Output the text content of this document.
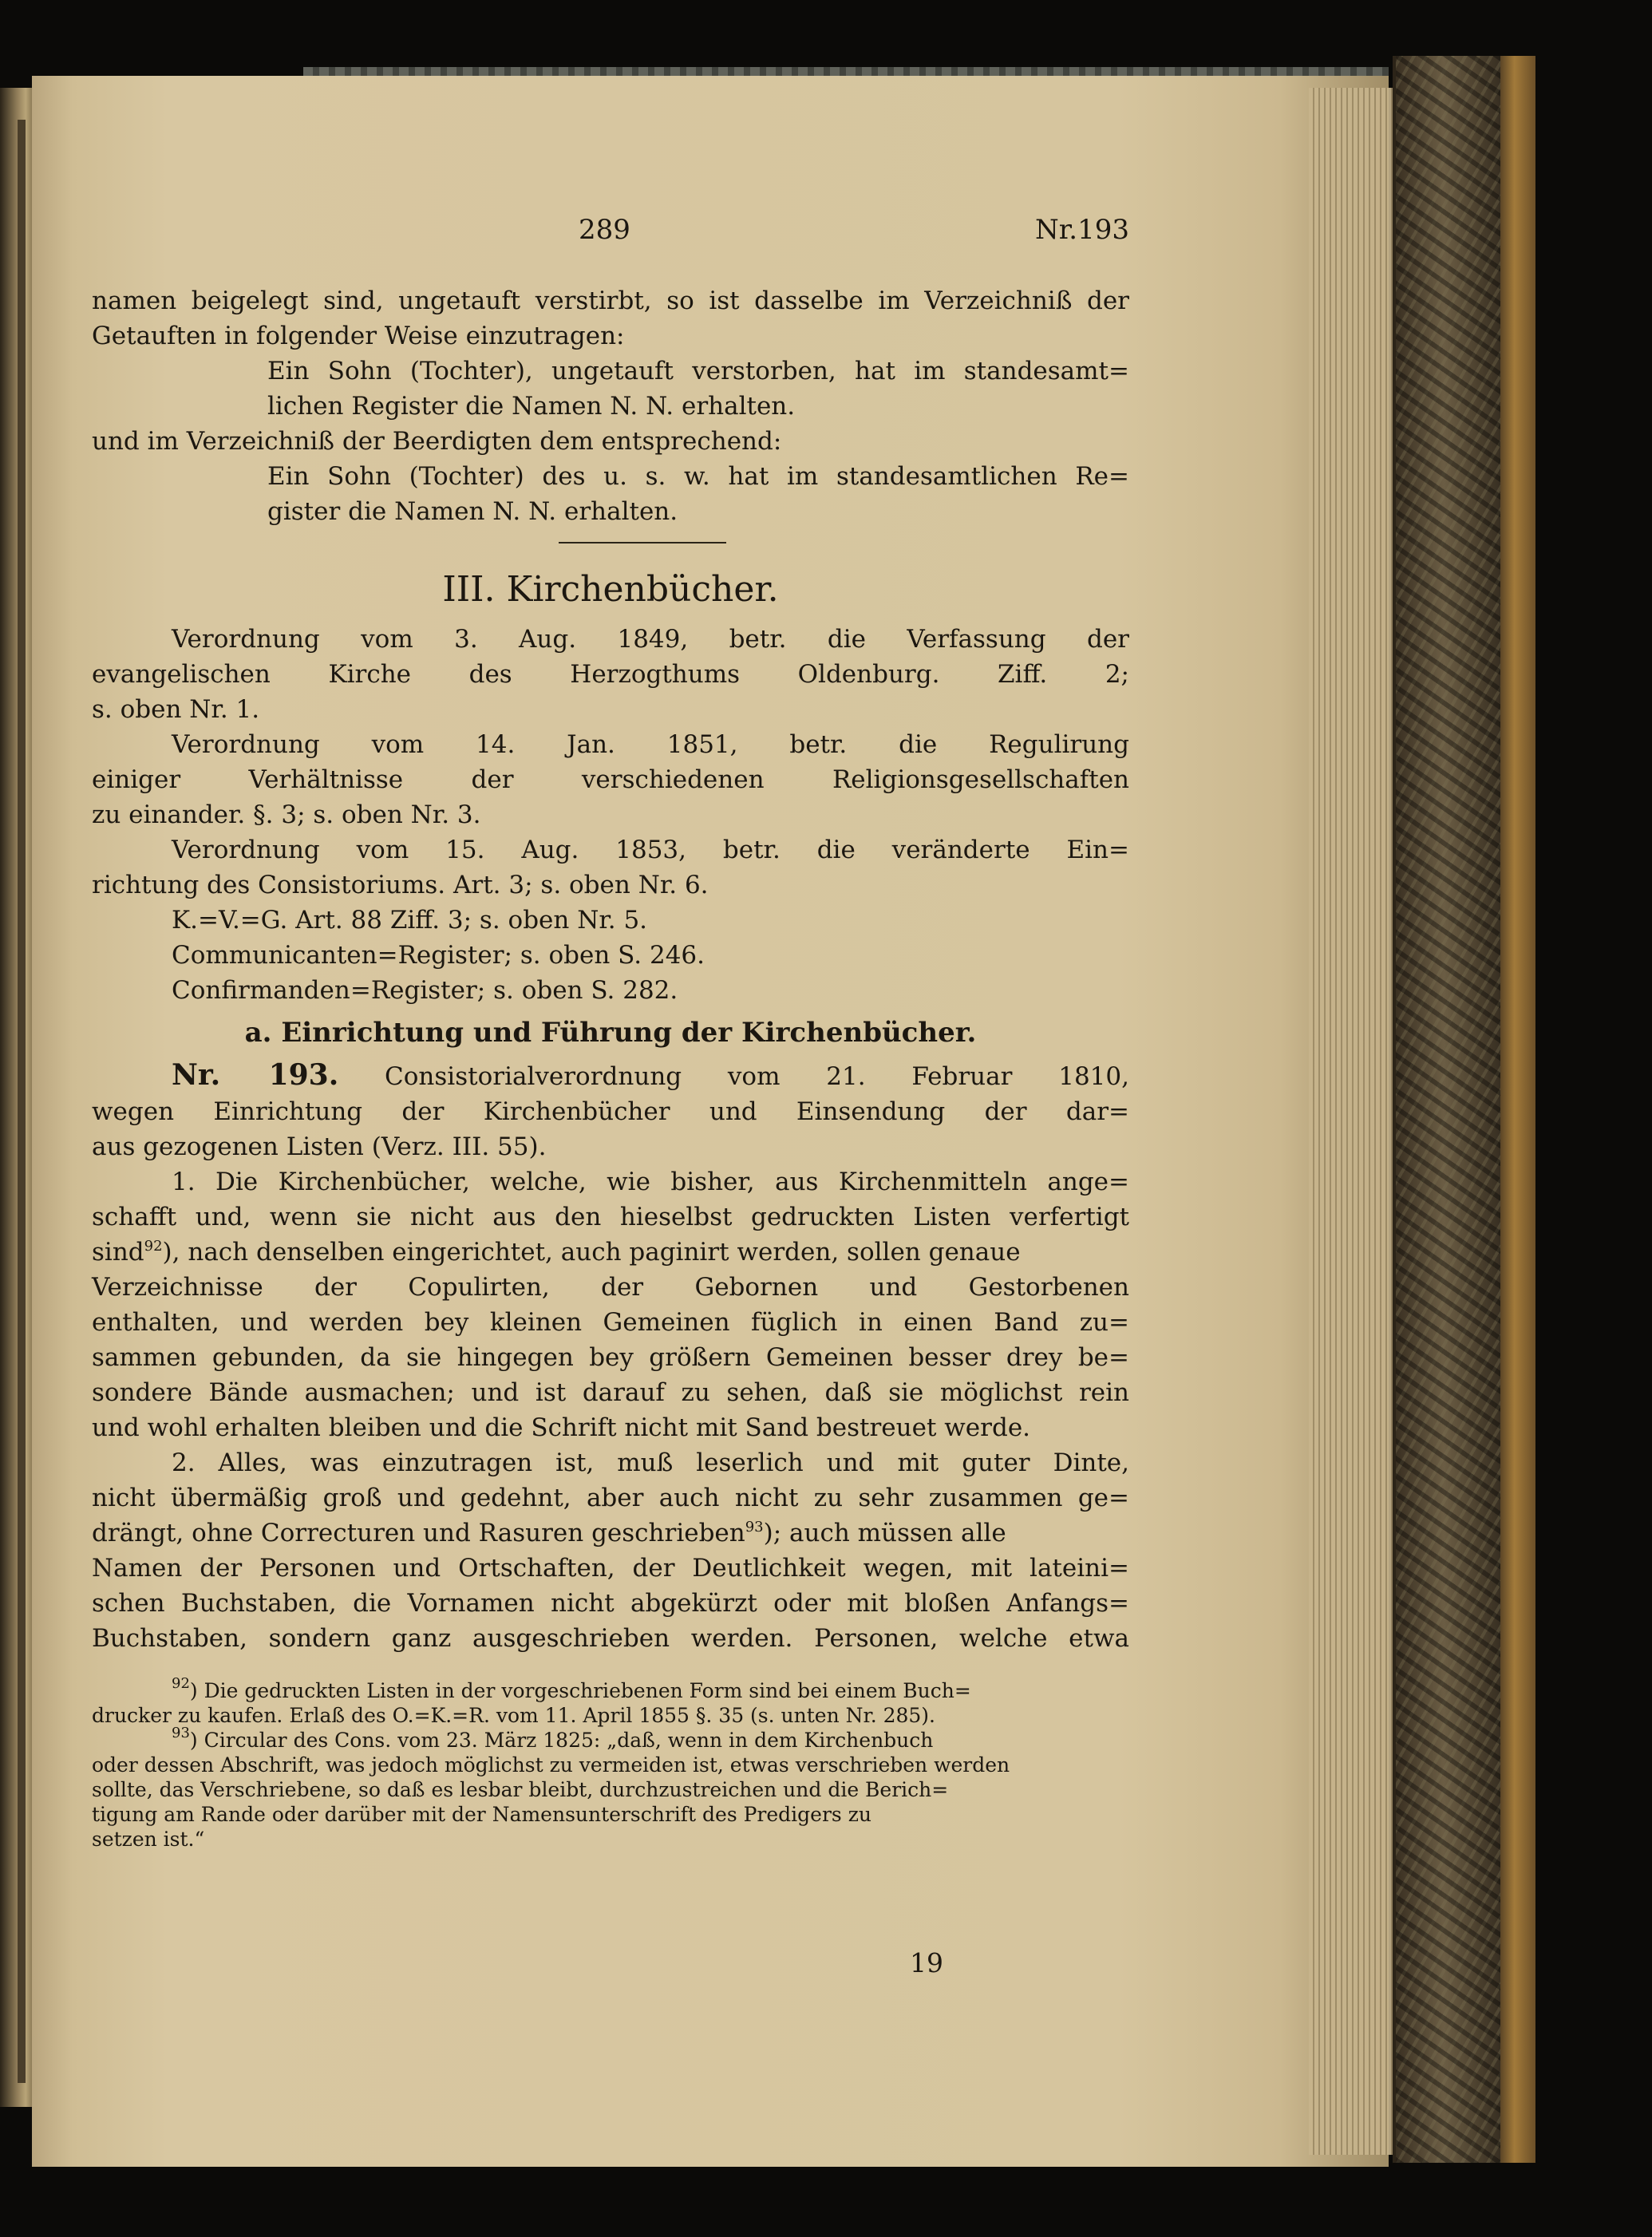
289	Nr.193
namen beigelegt sind, ungetauft verstirbt, so ist dasselbe im Verzeichniß der
Getauften in folgender Weise einzutragen:
Ein Sohn (Tochter), ungetauft verstorben, hat im standesamt=
lichen Register die Namen N. N. erhalten.
und im Verzeichniß der Beerdigten dem entsprechend:
Ein Sohn (Tochter) des u. s. w. hat im standesamtlichen Re=
gister die Namen N. N. erhalten.
III. Kirchenbücher.
Verordnung vom 3. Aug. 1849, betr. die Verfassung der
evangelischen Kirche des Herzogthums Oldenburg. Ziff. 2;
s. oben Nr. 1.
Verordnung vom 14. Jan. 1851, betr. die Regulirung
einiger Verhältnisse der verschiedenen Religionsgesellschaften
zu einander. §. 3; s. oben Nr. 3.
Verordnung vom 15. Aug. 1853, betr. die veränderte Ein=
richtung des Consistoriums. Art. 3; s. oben Nr. 6.
K.=V.=G. Art. 88 Ziff. 3; s. oben Nr. 5.
Communicanten=Register; s. oben S. 246.
Confirmanden=Register; s. oben S. 282.
a. Einrichtung und Führung der Kirchenbücher.
Nr. 193. Consistorialverordnung vom 21. Februar 1810,
wegen Einrichtung der Kirchenbücher und Einsendung der dar=
aus gezogenen Listen (Verz. III. 55).
1. Die Kirchenbücher, welche, wie bisher, aus Kirchenmitteln ange=
schafft und, wenn sie nicht aus den hieselbst gedruckten Listen verfertigt
sind$^{92}$), nach denselben eingerichtet, auch paginirt werden, sollen genaue
Verzeichnisse der Copulirten, der Gebornen und Gestorbenen
enthalten, und werden bey kleinen Gemeinen füglich in einen Band zu=
sammen gebunden, da sie hingegen bey größern Gemeinen besser drey be=
sondere Bände ausmachen; und ist darauf zu sehen, daß sie möglichst rein
und wohl erhalten bleiben und die Schrift nicht mit Sand bestreuet werde.
2. Alles, was einzutragen ist, muß leserlich und mit guter Dinte,
nicht übermäßig groß und gedehnt, aber auch nicht zu sehr zusammen ge=
drängt, ohne Correcturen und Rasuren geschrieben$^{93}$); auch müssen alle
Namen der Personen und Ortschaften, der Deutlichkeit wegen, mit lateini=
schen Buchstaben, die Vornamen nicht abgekürzt oder mit bloßen Anfangs=
Buchstaben, sondern ganz ausgeschrieben werden. Personen, welche etwa
$^{92}$) Die gedruckten Listen in der vorgeschriebenen Form sind bei einem Buch=
drucker zu kaufen. Erlaß des O.=K.=R. vom 11. April 1855 §. 35 (s. unten Nr. 285).
$^{93}$) Circular des Cons. vom 23. März 1825: „daß, wenn in dem Kirchenbuch
oder dessen Abschrift, was jedoch möglichst zu vermeiden ist, etwas verschrieben werden
sollte, das Verschriebene, so daß es lesbar bleibt, durchzustreichen und die Berich=
tigung am Rande oder darüber mit der Namensunterschrift des Predigers zu
setzen ist.“
19
